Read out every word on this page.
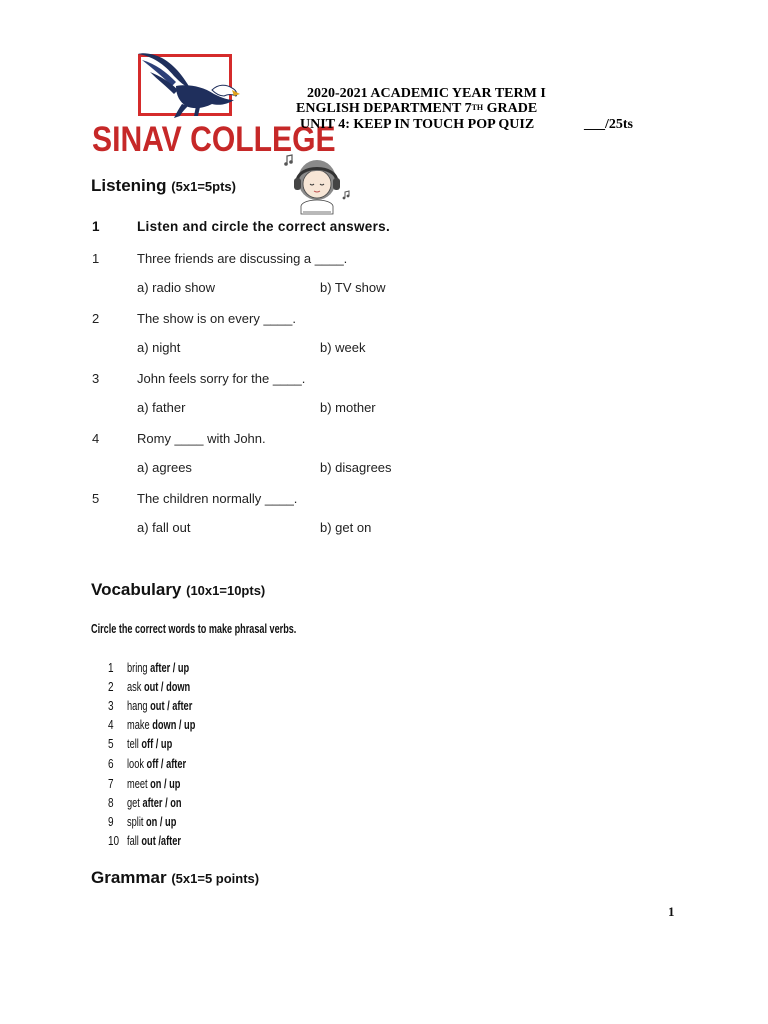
SINAV COLLEGE
2020-2021 ACADEMIC YEAR TERM I
ENGLISH DEPARTMENT 7TH GRADE
UNIT 4: KEEP IN TOUCH POP QUIZ	___/25ts
Listening (5x1=5pts)
1	Listen and circle the correct answers.
1	Three friends are discussing a ____.
a) radio show	b) TV show
2	The show is on every ____.
a) night	b) week
3	John feels sorry for the ____.
a) father	b) mother
4	Romy ____ with John.
a) agrees	b) disagrees
5	The children normally ____.
a) fall out	b) get on
Vocabulary (10x1=10pts)
Circle the correct words to make phrasal verbs.
1	bring after / up
2	ask out / down
3	hang out / after
4	make down / up
5	tell off / up
6	look off / after
7	meet on / up
8	get after / on
9	split on / up
10 fall out /after
Grammar (5x1=5 points)
1
